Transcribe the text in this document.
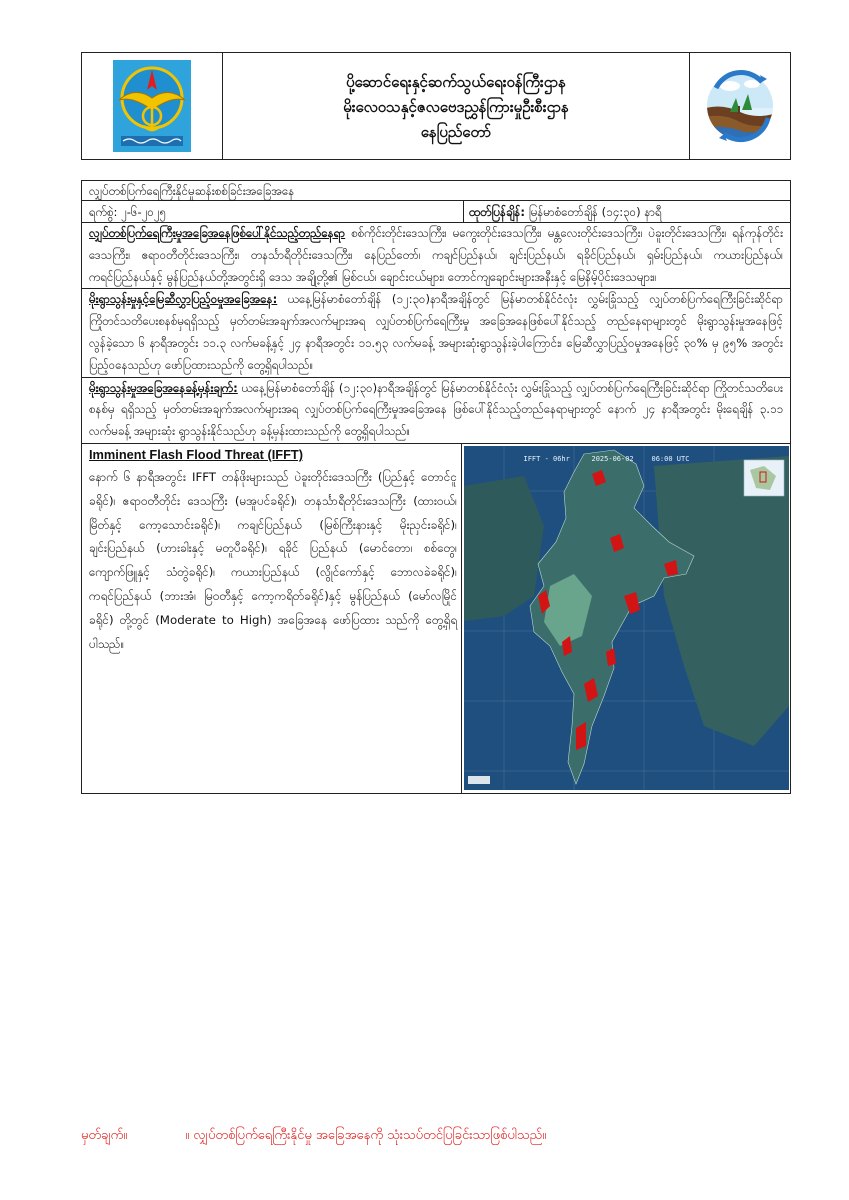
ပို့ဆောင်ရေးနှင့်ဆက်သွယ်ရေးဝန်ကြီးဌာန
မိုးလေဝသနှင့်ဇလဗေဒညွှန်ကြားမှုဦးစီးဌာန
နေပြည်တော်
လျှပ်တစ်ပြက်ရေကြီးနိုင်မှုဆန်းစစ်ခြင်းအခြေအနေ
ရက်စွဲ: ၂-၆-၂၀၂၅	ထုတ်ပြန်ချိန်: မြန်မာစံတော်ချိန် (၁၄:၃၀) နာရီ
လျှပ်တစ်ပြက်ရေကြီးမှုအခြေအနေဖြစ်ပေါ်နိုင်သည့်တည်နေရာ စစ်ကိုင်းတိုင်းဒေသကြီး၊ မကွေးတိုင်းဒေသကြီး၊ မန္တလေးတိုင်းဒေသကြီး၊ ပဲခူးတိုင်းဒေသကြီး၊ ရန်ကုန်တိုင်းဒေသကြီး၊ ဧရာဝတီတိုင်းဒေသကြီး၊ တနင်္သာရီတိုင်းဒေသကြီး၊ နေပြည်တော်၊ ကချင်ပြည်နယ်၊ ချင်းပြည်နယ်၊ ရခိုင်ပြည်နယ်၊ ရှမ်းပြည်နယ်၊ ကယားပြည်နယ်၊ ကရင်ပြည်နယ်နှင့် မွန်ပြည်နယ်တို့အတွင်းရှိ ဒေသ အချို့တို့၏ မြစ်ငယ်၊ ချောင်းငယ်များ၊ တောင်ကျချောင်းများအနီးနှင့် မြေနိမ့်ပိုင်းဒေသများ။
မိုးရွာသွန်းမှုနှင့်မြေဆီလွှာပြည့်ဝမှုအခြေအနေ: ယနေ့မြန်မာစံတော်ချိန် (၁၂:၃၀)နာရီအချိန်တွင် မြန်မာတစ်နိုင်ငံလုံး လွှမ်းခြုံသည့် လျှပ်တစ်ပြက်ရေကြီးခြင်းဆိုင်ရာ ကြိုတင်သတိပေးစနစ်မှရရှိသည့် မှတ်တမ်းအချက်အလက်များအရ လျှပ်တစ်ပြက်ရေကြီးမှု အခြေအနေဖြစ်ပေါ်နိုင်သည့် တည်နေရာများတွင် မိုးရွာသွန်းမှုအနေဖြင့် လွန်ခဲ့သော ၆ နာရီအတွင်း ၁၁.၃ လက်မခန့်နှင့် ၂၄ နာရီအတွင်း ၁၁.၅၃ လက်မခန့် အများဆုံးရွာသွန်းခဲ့ပါကြောင်း၊ မြေဆီလွှာပြည့်ဝမှုအနေဖြင့် ၃၀% မှ ၉၅% အတွင်း ပြည့်ဝနေသည်ဟု ဖော်ပြထားသည်ကို တွေ့ရှိရပါသည်။
မိုးရွာသွန်းမှုအခြေအနေခန့်မှန်းချက်: ယနေ့မြန်မာစံတော်ချိန် (၁၂:၃၀)နာရီအချိန်တွင် မြန်မာတစ်နိုင်ငံလုံး လွှမ်းခြုံသည့် လျှပ်တစ်ပြက်ရေကြီးခြင်းဆိုင်ရာ ကြိုတင်သတိပေးစနစ်မှ ရရှိသည့် မှတ်တမ်းအချက်အလက်များအရ လျှပ်တစ်ပြက်ရေကြီးမှုအခြေအနေ ဖြစ်ပေါ်နိုင်သည့်တည်နေရာများတွင် နောက် ၂၄ နာရီအတွင်း မိုးရေချိန် ၃.၁၁ လက်မခန့် အများဆုံး ရွာသွန်းနိုင်သည်ဟု ခန့်မှန်းထားသည်ကို တွေ့ရှိရပါသည်။
Imminent Flash Flood Threat (IFFT)
နောက် ၆ နာရီအတွင်း IFFT တန်ဖိုးများသည် ပဲခူးတိုင်းဒေသကြီး (ပြည်နှင့် တောင်ငူခရိုင်)၊ ဧရာဝတီတိုင်း ဒေသကြီး (မအူပင်ခရိုင်)၊ တနင်္သာရီတိုင်းဒေသကြီး (ထားဝယ်၊ မြိတ်နှင့် ကော့သောင်းခရိုင်)၊ ကချင်ပြည်နယ် (မြစ်ကြီးနားနှင့် မိုးညှင်းခရိုင်)၊ ချင်းပြည်နယ် (ဟားခါးနှင့် မတူပီခရိုင်)၊ ရခိုင် ပြည်နယ် (မောင်တော၊ စစ်တွေ၊ ကျောက်ဖြူနှင့် သံတွဲခရိုင်)၊ ကယားပြည်နယ် (လွိုင်ကော်နှင့် ဘောလခဲခရိုင်)၊ ကရင်ပြည်နယ် (ဘားအံ၊ မြဝတီနှင့် ကော့ကရိတ်ခရိုင်)နှင့် မွန်ပြည်နယ် (မော်လမြိုင် ခရိုင်) တို့တွင် (Moderate to High) အခြေအနေ ဖော်ပြထား သည်ကို တွေ့ရှိရပါသည်။
IFFT - 06hr	2025-06-02	06:00 UTC
မှတ်ချက်။	။ လျှပ်တစ်ပြက်ရေကြီးနိုင်မှု အခြေအနေကို သုံးသပ်တင်ပြခြင်းသာဖြစ်ပါသည်။
